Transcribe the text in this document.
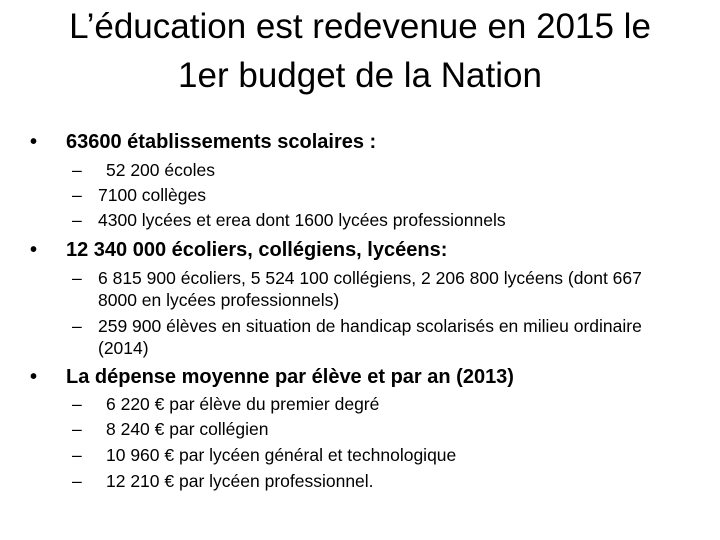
L’éducation est redevenue en 2015 le
1er budget de la Nation
• 63600 établissements scolaires :
– 52 200 écoles
– 7100 collèges
– 4300 lycées et erea dont 1600 lycées professionnels
• 12 340 000 écoliers, collégiens, lycéens:
– 6 815 900 écoliers, 5 524 100 collégiens, 2 206 800 lycéens (dont 667 8000 en lycées professionnels)
– 259 900 élèves en situation de handicap scolarisés en milieu ordinaire (2014)
• La dépense moyenne par élève et par an (2013)
– 6 220 € par élève du premier degré
– 8 240 € par collégien
– 10 960 € par lycéen général et technologique
– 12 210 € par lycéen professionnel.
